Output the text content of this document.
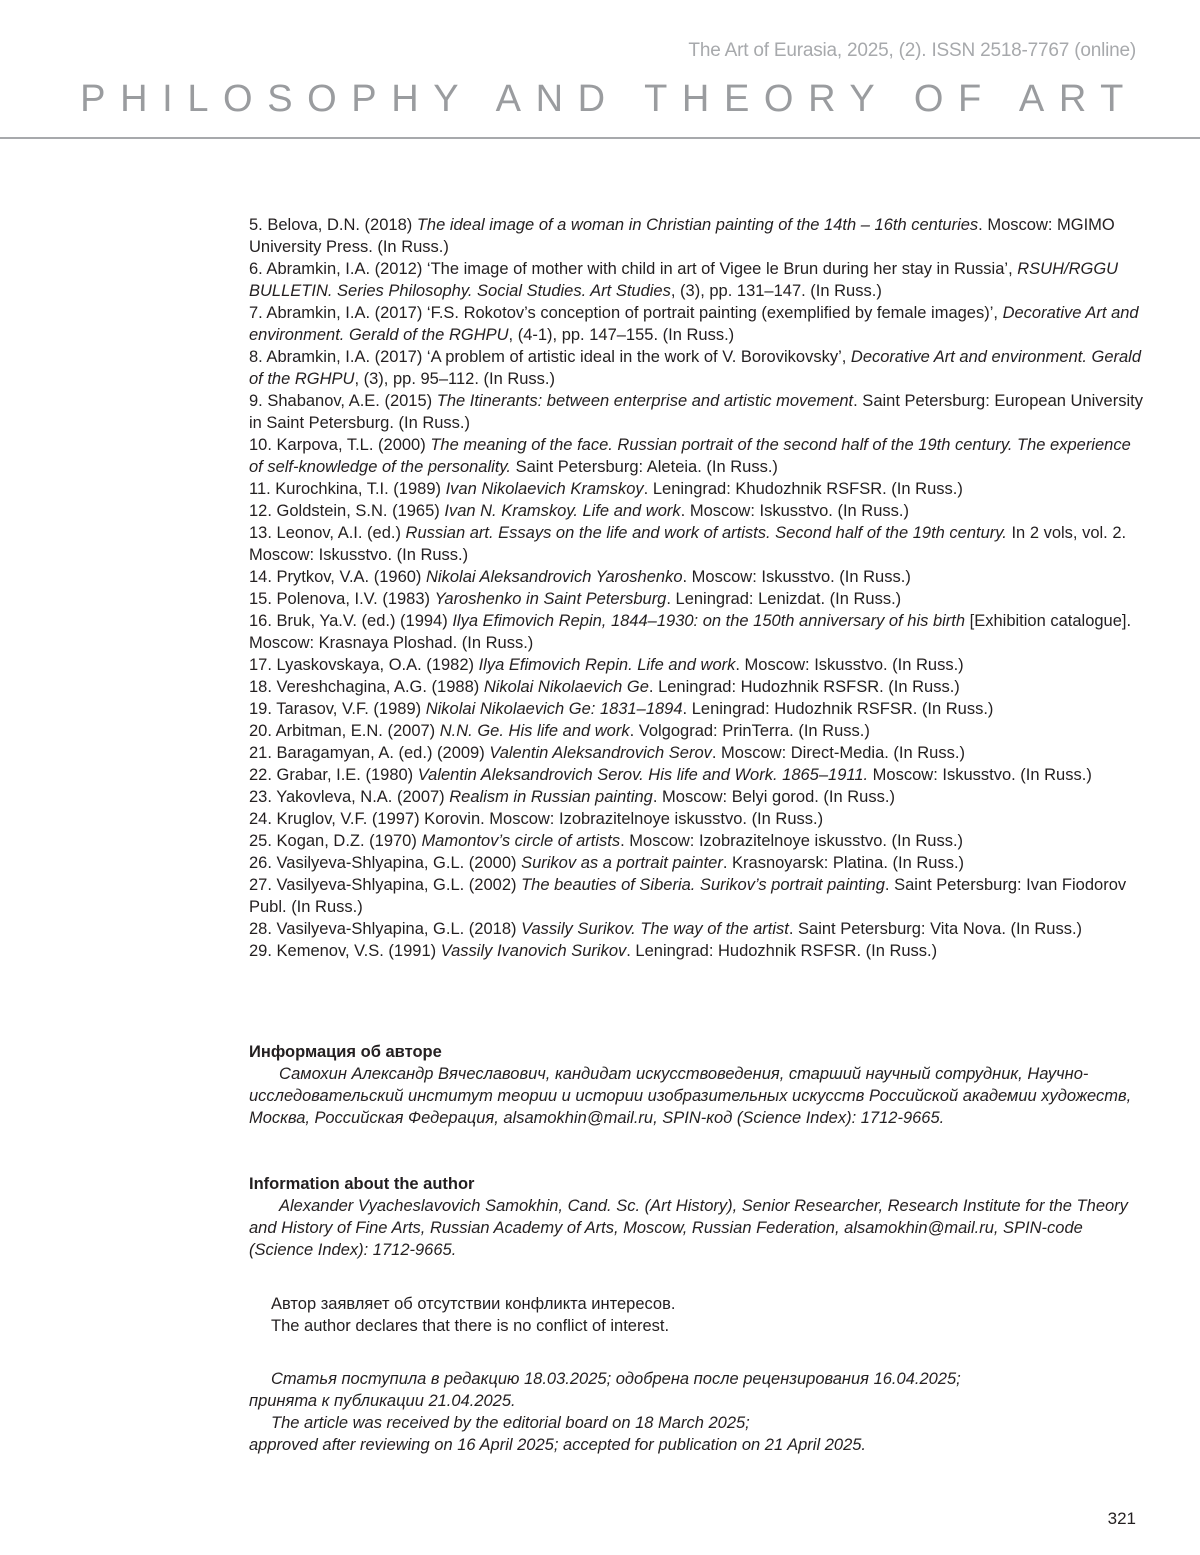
The Art of Eurasia, 2025, (2). ISSN 2518-7767 (online)
PHILOSOPHY AND THEORY OF ART

5. Belova, D.N. (2018) The ideal image of a woman in Christian painting of the 14th – 16th centuries. Moscow: MGIMO University Press. (In Russ.)

6. Abramkin, I.A. (2012) ‘The image of mother with child in art of Vigee le Brun during her stay in Russia’, RSUH/RGGU BULLETIN. Series Philosophy. Social Studies. Art Studies, (3), pp. 131–147. (In Russ.)

7. Abramkin, I.A. (2017) ‘F.S. Rokotov’s conception of portrait painting (exemplified by female images)’, Decorative Art and environment. Gerald of the RGHPU, (4-1), pp. 147–155. (In Russ.)

8. Abramkin, I.A. (2017) ‘A problem of artistic ideal in the work of V. Borovikovsky’, Decorative Art and environment. Gerald of the RGHPU, (3), pp. 95–112. (In Russ.)

9. Shabanov, A.E. (2015) The Itinerants: between enterprise and artistic movement. Saint Petersburg: European University in Saint Petersburg. (In Russ.)

10. Karpova, T.L. (2000) The meaning of the face. Russian portrait of the second half of the 19th century. The experience of self-knowledge of the personality. Saint Petersburg: Aleteia. (In Russ.)

11. Kurochkina, T.I. (1989) Ivan Nikolaevich Kramskoy. Leningrad: Khudozhnik RSFSR. (In Russ.)

12. Goldstein, S.N. (1965) Ivan N. Kramskoy. Life and work. Moscow: Iskusstvo. (In Russ.)

13. Leonov, A.I. (ed.) Russian art. Essays on the life and work of artists. Second half of the 19th century. In 2 vols, vol. 2. Moscow: Iskusstvo. (In Russ.)

14. Prytkov, V.A. (1960) Nikolai Aleksandrovich Yaroshenko. Moscow: Iskusstvo. (In Russ.)

15. Polenova, I.V. (1983) Yaroshenko in Saint Petersburg. Leningrad: Lenizdat. (In Russ.)

16. Bruk, Ya.V. (ed.) (1994) Ilya Efimovich Repin, 1844–1930: on the 150th anniversary of his birth [Exhibition catalogue]. Moscow: Krasnaya Ploshad. (In Russ.)

17. Lyaskovskaya, O.A. (1982) Ilya Efimovich Repin. Life and work. Moscow: Iskusstvo. (In Russ.)

18. Vereshchagina, A.G. (1988) Nikolai Nikolaevich Ge. Leningrad: Hudozhnik RSFSR. (In Russ.)

19. Tarasov, V.F. (1989) Nikolai Nikolaevich Ge: 1831–1894. Leningrad: Hudozhnik RSFSR. (In Russ.)

20. Arbitman, E.N. (2007) N.N. Ge. His life and work. Volgograd: PrinTerra. (In Russ.)

21. Baragamyan, A. (ed.) (2009) Valentin Aleksandrovich Serov. Moscow: Direct-Media. (In Russ.)

22. Grabar, I.E. (1980) Valentin Aleksandrovich Serov. His life and Work. 1865–1911. Moscow: Iskusstvo. (In Russ.)

23. Yakovleva, N.A. (2007) Realism in Russian painting. Moscow: Belyi gorod. (In Russ.)

24. Kruglov, V.F. (1997) Korovin. Moscow: Izobrazitelnoye iskusstvo. (In Russ.)

25. Kogan, D.Z. (1970) Mamontov’s circle of artists. Moscow: Izobrazitelnoye iskusstvo. (In Russ.)

26. Vasilyeva-Shlyapina, G.L. (2000) Surikov as a portrait painter. Krasnoyarsk: Platina. (In Russ.)

27. Vasilyeva-Shlyapina, G.L. (2002) The beauties of Siberia. Surikov’s portrait painting. Saint Petersburg: Ivan Fiodorov Publ. (In Russ.)

28. Vasilyeva-Shlyapina, G.L. (2018) Vassily Surikov. The way of the artist. Saint Petersburg: Vita Nova. (In Russ.)

29. Kemenov, V.S. (1991) Vassily Ivanovich Surikov. Leningrad: Hudozhnik RSFSR. (In Russ.)

Информация об авторе

Самохин Александр Вячеславович, кандидат искусствоведения, старший научный сотрудник, Научно-исследовательский институт теории и истории изобразительных искусств Российской академии художеств, Москва, Российская Федерация, alsamokhin@mail.ru, SPIN-код (Science Index): 1712-9665.

Information about the author

Alexander Vyacheslavovich Samokhin, Cand. Sc. (Art History), Senior Researcher, Research Institute for the Theory and History of Fine Arts, Russian Academy of Arts, Moscow, Russian Federation, alsamokhin@mail.ru, SPIN-code (Science Index): 1712-9665.

Автор заявляет об отсутствии конфликта интересов.

The author declares that there is no conflict of interest.

Статья поступила в редакцию 18.03.2025; одобрена после рецензирования 16.04.2025;

принята к публикации 21.04.2025.

The article was received by the editorial board on 18 March 2025;

approved after reviewing on 16 April 2025; accepted for publication on 21 April 2025.

321
